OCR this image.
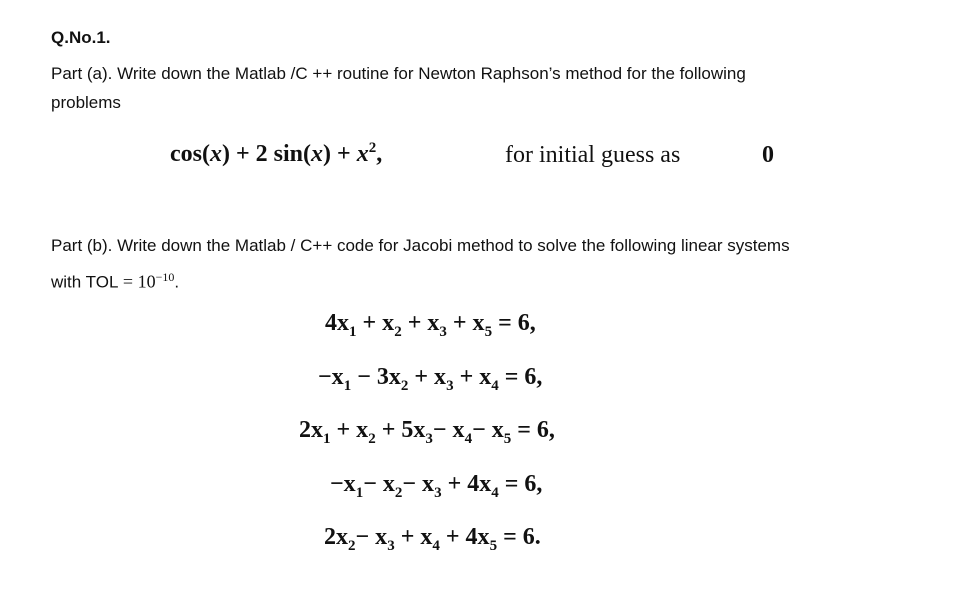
Q.No.1.
Part (a). Write down the Matlab /C ++ routine for Newton Raphson’s method for the following
problems
cos(x) + 2 $\sin(x) + x^2$,	for initial guess as	0
Part (b). Write down the Matlab / C++ code for Jacobi method to solve the following linear systems
with TOL = $10^{-10}$.
$4x_1 + x_2 + x_3 + x_5 = 6$,
$-x_1 - 3x_2 + x_3 + x_4 = 6$,
$2x_1 + x_2 + 5x_3- x_4- x_5 = 6$,
$-x_1- x_2- x_3 + 4x_4 = 6$,
$2x_2- x_3 + x_4 + 4x_5 = 6$.
